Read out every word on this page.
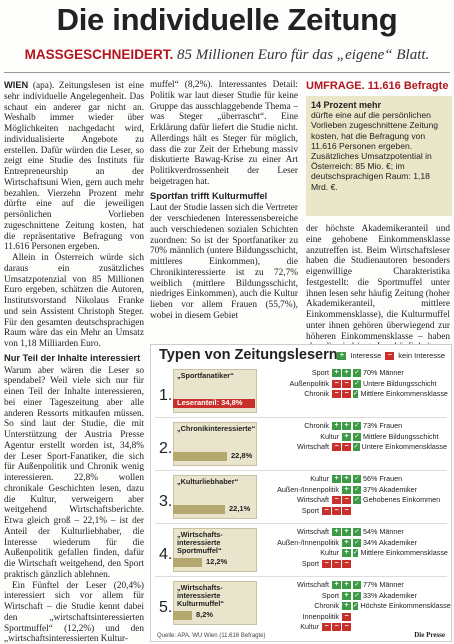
Die individuelle Zeitung
MASSGESCHNEIDERT. 85 Millionen Euro für das „eigene“ Blatt.

WIEN (apa). Zeitungslesen ist eine sehr individuelle Angelegenheit. Das schaut ein anderer gar nicht an. Weshalb immer wieder über Möglichkeiten nachgedacht wird, individualisierte Angebote zu erstellen. Dafür würden die Leser, so zeigt eine Studie des Instituts für Entrepreneurship an der Wirtschaftsuni Wien, gern auch mehr bezahlen. Vierzehn Prozent mehr dürfte eine auf die jeweiligen persönlichen Vorlieben zugeschnittene Zeitung kosten, hat die repräsentative Befragung von 11.616 Personen ergeben.

Allein in Österreich würde sich daraus ein zusätzliches Umsatzpotenzial von 85 Millionen Euro ergeben, schätzen die Autoren, Institutsvorstand Nikolaus Franke und sein Assistent Christoph Steger. Für den gesamten deutschsprachigen Raum wäre das ein Mehr an Umsatz von 1,18 Milliarden Euro.

Nur Teil der Inhalte interessiert

Warum aber wären die Leser so spendabel? Weil viele sich nur für einen Teil der Inhalte interessieren, bei einer Tageszeitung aber alle anderen Ressorts mitkaufen müssen. So sind laut der Studie, die mit Unterstützung der Austria Presse Agentur erstellt worden ist, 34,8% der Leser Sport-Fanatiker, die sich für Außenpolitik und Chronik wenig interessieren. 22,8% wollen chronikale Geschichten lesen, dazu die Kultur, verweigern aber weitgehend Wirtschaftsberichte. Etwa gleich groß – 22,1% – ist der Anteil der Kulturliebhaber, die Interesse wiederum für die Außenpolitik gefallen finden, dafür die Wirtschaft weitgehend, den Sport praktisch gänzlich ablehnen.

Ein Fünftel der Leser (20,4%) interessiert sich vor allem für Wirtschaft – die Studie kennt dabei den „wirtschaftsinteressierten Sportmuffel“ (12,2%) und den „wirtschaftsinteressierten Kultur-

muffel“ (8,2%). Interessantes Detail: Politik war laut dieser Studie für keine Gruppe das ausschlaggebende Thema – was Steger „überrascht“. Eine Erklärung dafür liefert die Studie nicht. Allerdings hält es Steger für möglich, dass die zur Zeit der Erhebung massiv diskutierte Bawag-Krise zu einer Art Politikverdrossenheit der Leser beigetragen hat.

Sportfan trifft Kulturmuffel

Laut der Studie lassen sich die Vertreter der verschiedenen Interessensbereiche auch verschiedenen sozialen Schichten zuordnen: So ist der Sportfanatiker zu 70% männlich (untere Bildungsschicht, mittleres Einkommen), die Chronikinteressierte ist zu 72,7% weiblich (mittlere Bildungsschicht, niedriges Einkommen), auch die Kultur lieben vor allem Frauen (55,7%), wobei in diesem Gebiet

UMFRAGE. 11.616 Befragte
14 Prozent mehr
dürfte eine auf die persönlichen Vorlieben zugeschnittene Zeitung kosten, hat die Befragung von 11.616 Personen ergeben. Zusätzliches Umsatzpotential in Österreich: 85 Mio. €; im deutschsprachigen Raum: 1,18 Mrd. €.

der höchste Akademikeranteil und eine gehobene Einkommensklasse anzutreffen ist. Beim Wirtschaftsleser haben die Studienautoren besonders eigenwillige Charakteristika festgestellt: die Sportmuffel unter ihnen lesen sehr häufig Zeitung (hoher Akademikeranteil, mittlere Einkommensklasse), die Kulturmuffel unter ihnen gehören überwiegend zur höheren Einkommensklasse – haben

Typen von Zeitungslesern + Interesse − kein Interesse
1.
„Sportfanatiker“
Leseranteil: 34,8%
Sport + +
Außenpolitik − −
Chronik − −
✓ 70% Männer
✓ Untere Bildungsschicht
✓ Mittlere Einkommensklasse
2.
„Chronikinteressierte“
22,8%
Chronik + +
Kultur +
Wirtschaft − −
✓ 73% Frauen
✓ Mittlere Bildungsschicht
✓ Untere Einkommensklasse
3.
„Kulturliebhaber“
22,1%
Kultur + +
Außen-/Innenpolitik +
Wirtschaft − −
Sport − − −
✓ 56% Frauen
✓ 37% Akademiker
✓ Gehobenes Einkommen
4.
„Wirtschafts-interessierte Sportmuffel“
12,2%
Wirtschaft + +
Außen-/Innenpolitik +
Kultur +
Sport − − −
✓ 54% Männer
✓ 34% Akademiker
✓ Mittlere Einkommensklasse
5.
„Wirtschafts-interessierte Kulturmuffel“
8,2%
Wirtschaft + +
Sport +
Chronik +
Innenpolitik −
Kultur − − −
✓ 77% Männer
✓ 33% Akademiker
✓ Höchste Einkommensklasse
Quelle: APA, WU Wien (11.616 Befragte)	Die Presse
